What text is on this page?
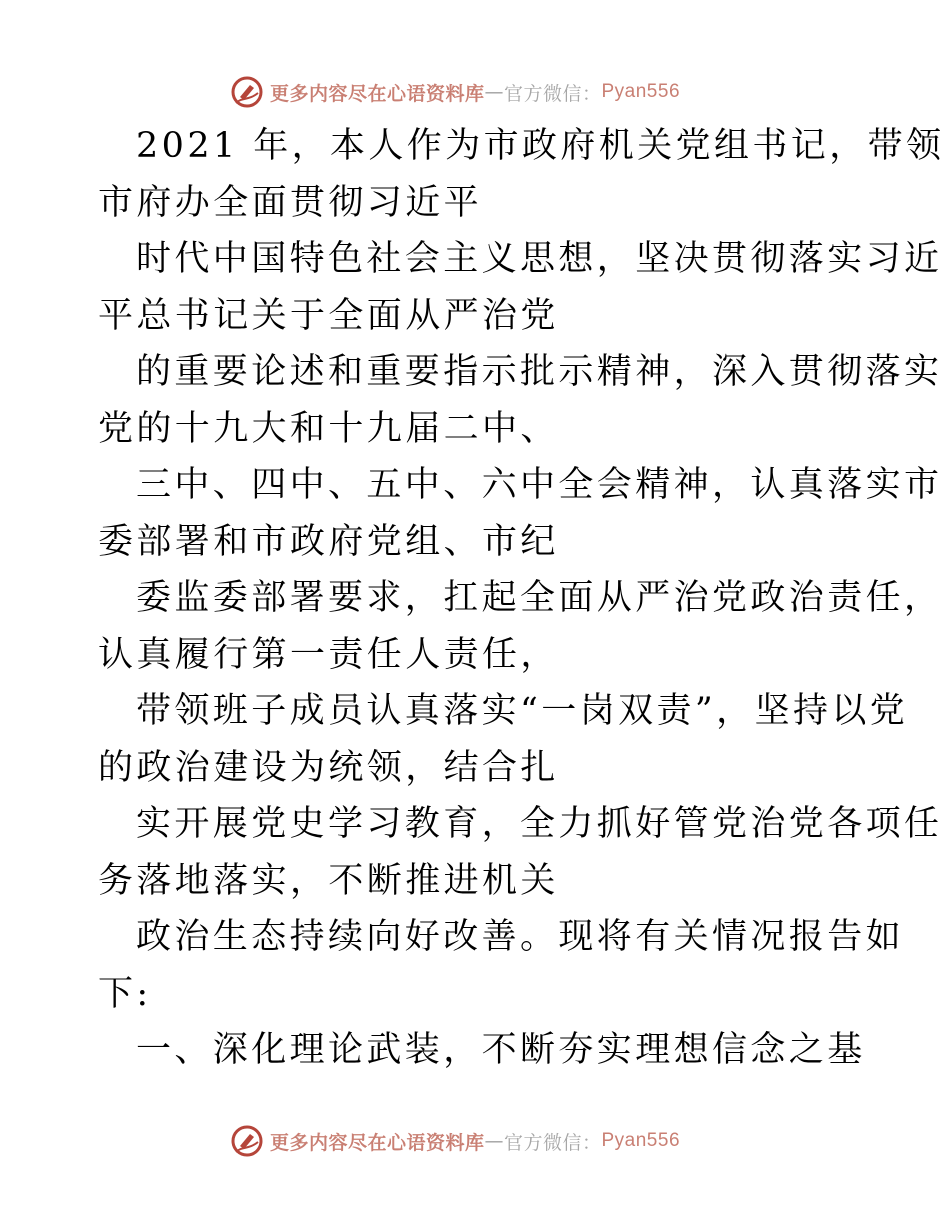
更多内容尽在心语资料库 — 官方微信： Pyan556
2021 年，本人作为市政府机关党组书记，带领
市府办全面贯彻习近平
时代中国特色社会主义思想，坚决贯彻落实习近
平总书记关于全面从严治党
的重要论述和重要指示批示精神，深入贯彻落实
党的十九大和十九届二中、
三中、四中、五中、六中全会精神，认真落实市
委部署和市政府党组、市纪
委监委部署要求，扛起全面从严治党政治责任，
认真履行第一责任人责任，
带领班子成员认真落实“一岗双责”，坚持以党
的政治建设为统领，结合扎
实开展党史学习教育，全力抓好管党治党各项任
务落地落实，不断推进机关
政治生态持续向好改善。现将有关情况报告如
下:
一、深化理论武装，不断夯实理想信念之基
更多内容尽在心语资料库 — 官方微信： Pyan556
